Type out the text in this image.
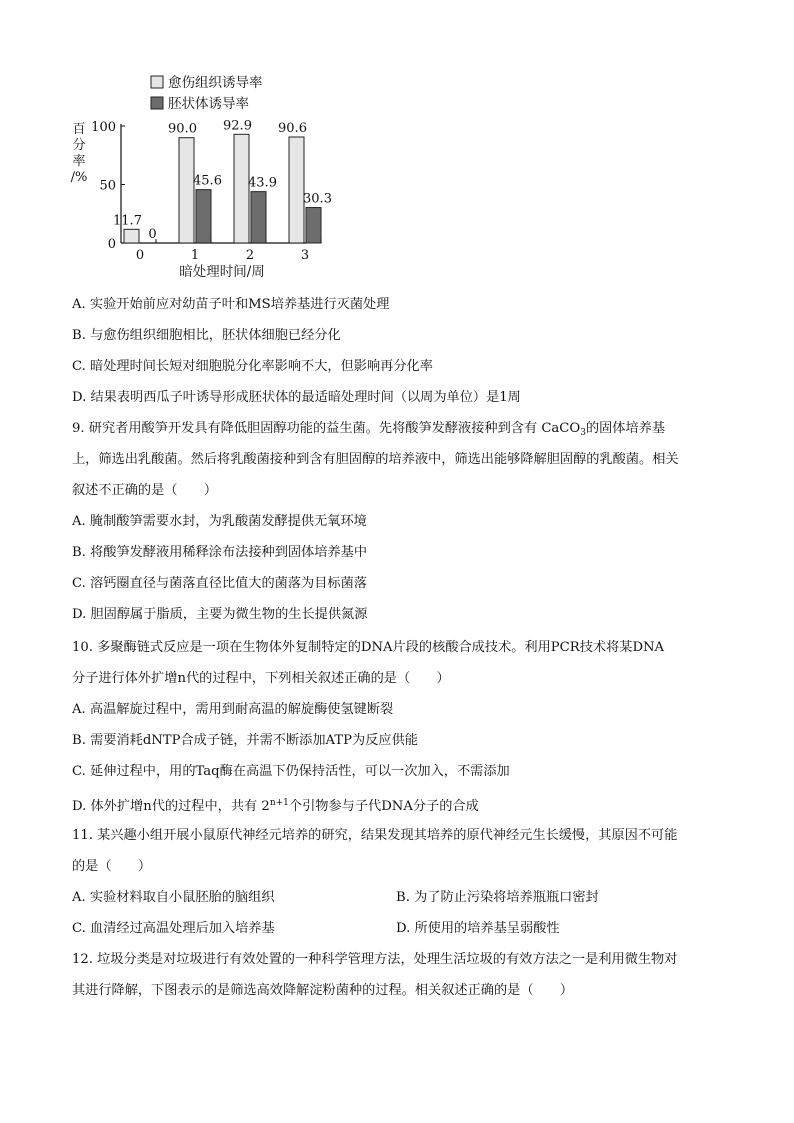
愈伤组织诱导率
胚状体诱导率
百
分
率
/%
0
50
100
11.7
0
0
90.0
45.6
1
92.9
43.9
2
90.6
30.3
3
暗处理时间/周
A. 实验开始前应对幼苗子叶和MS培养基进行灭菌处理
B. 与愈伤组织细胞相比，胚状体细胞已经分化
C. 暗处理时间长短对细胞脱分化率影响不大，但影响再分化率
D. 结果表明西瓜子叶诱导形成胚状体的最适暗处理时间（以周为单位）是1周
9. 研究者用酸笋开发具有降低胆固醇功能的益生菌。先将酸笋发酵液接种到含有 CaCO$_3$的固体培养基
上，筛选出乳酸菌。然后将乳酸菌接种到含有胆固醇的培养液中，筛选出能够降解胆固醇的乳酸菌。相关
叙述不正确的是（　　）
A. 腌制酸笋需要水封，为乳酸菌发酵提供无氧环境
B. 将酸笋发酵液用稀释涂布法接种到固体培养基中
C. 溶钙圈直径与菌落直径比值大的菌落为目标菌落
D. 胆固醇属于脂质，主要为微生物的生长提供氮源
10. 多聚酶链式反应是一项在生物体外复制特定的DNA片段的核酸合成技术。利用PCR技术将某DNA
分子进行体外扩增n代的过程中，下列相关叙述正确的是（　　）
A. 高温解旋过程中，需用到耐高温的解旋酶使氢键断裂
B. 需要消耗dNTP合成子链，并需不断添加ATP为反应供能
C. 延伸过程中，用的Taq酶在高温下仍保持活性，可以一次加入，不需添加
D. 体外扩增n代的过程中，共有 $2^{n+1}$个引物参与子代DNA分子的合成
11. 某兴趣小组开展小鼠原代神经元培养的研究，结果发现其培养的原代神经元生长缓慢，其原因不可能
的是（　　）
A. 实验材料取自小鼠胚胎的脑组织	B. 为了防止污染将培养瓶瓶口密封
C. 血清经过高温处理后加入培养基	D. 所使用的培养基呈弱酸性
12. 垃圾分类是对垃圾进行有效处置的一种科学管理方法，处理生活垃圾的有效方法之一是利用微生物对
其进行降解，下图表示的是筛选高效降解淀粉菌种的过程。相关叙述正确的是（　　）
